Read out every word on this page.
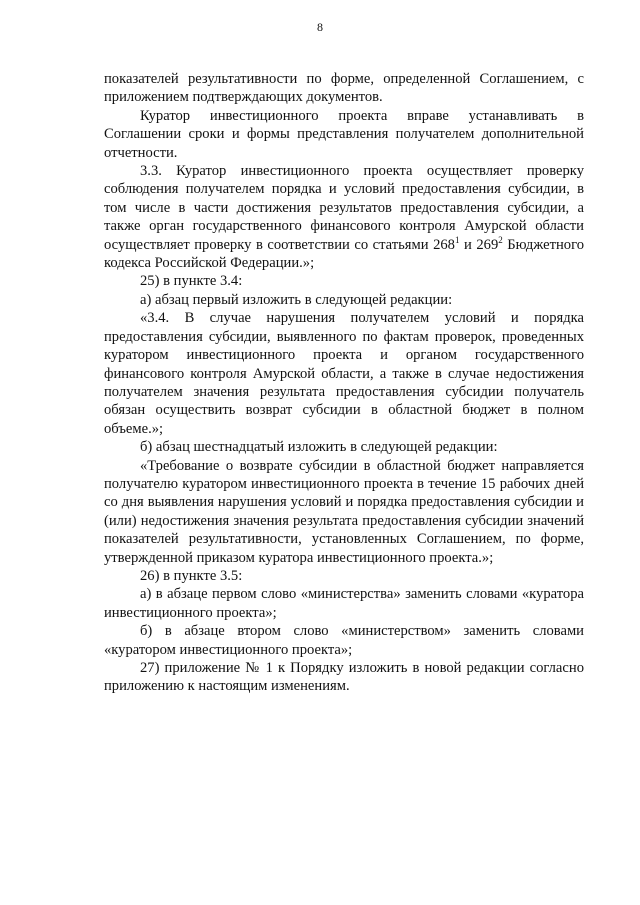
8

показателей результативности по форме, определенной Соглашением, с приложением подтверждающих документов.

Куратор инвестиционного проекта вправе устанавливать в Соглашении сроки и формы представления получателем дополнительной отчетности.

3.3. Куратор инвестиционного проекта осуществляет проверку соблюдения получателем порядка и условий предоставления субсидии, в том числе в части достижения результатов предоставления субсидии, а также орган государственного финансового контроля Амурской области осуществляет проверку в соответствии со статьями $268^1$ и $269^2$ Бюджетного кодекса Российской Федерации.»;

25) в пункте 3.4:

а) абзац первый изложить в следующей редакции:

«3.4. В случае нарушения получателем условий и порядка предоставления субсидии, выявленного по фактам проверок, проведенных куратором инвестиционного проекта и органом государственного финансового контроля Амурской области, а также в случае недостижения получателем значения результата предоставления субсидии получатель обязан осуществить возврат субсидии в областной бюджет в полном объеме.»;

б) абзац шестнадцатый изложить в следующей редакции:

«Требование о возврате субсидии в областной бюджет направляется получателю куратором инвестиционного проекта в течение 15 рабочих дней со дня выявления нарушения условий и порядка предоставления субсидии и (или) недостижения значения результата предоставления субсидии значений показателей результативности, установленных Соглашением, по форме, утвержденной приказом куратора инвестиционного проекта.»;

26) в пункте 3.5:

а) в абзаце первом слово «министерства» заменить словами «куратора инвестиционного проекта»;

б) в абзаце втором слово «министерством» заменить словами «куратором инвестиционного проекта»;

27) приложение № 1 к Порядку изложить в новой редакции согласно приложению к настоящим изменениям.
